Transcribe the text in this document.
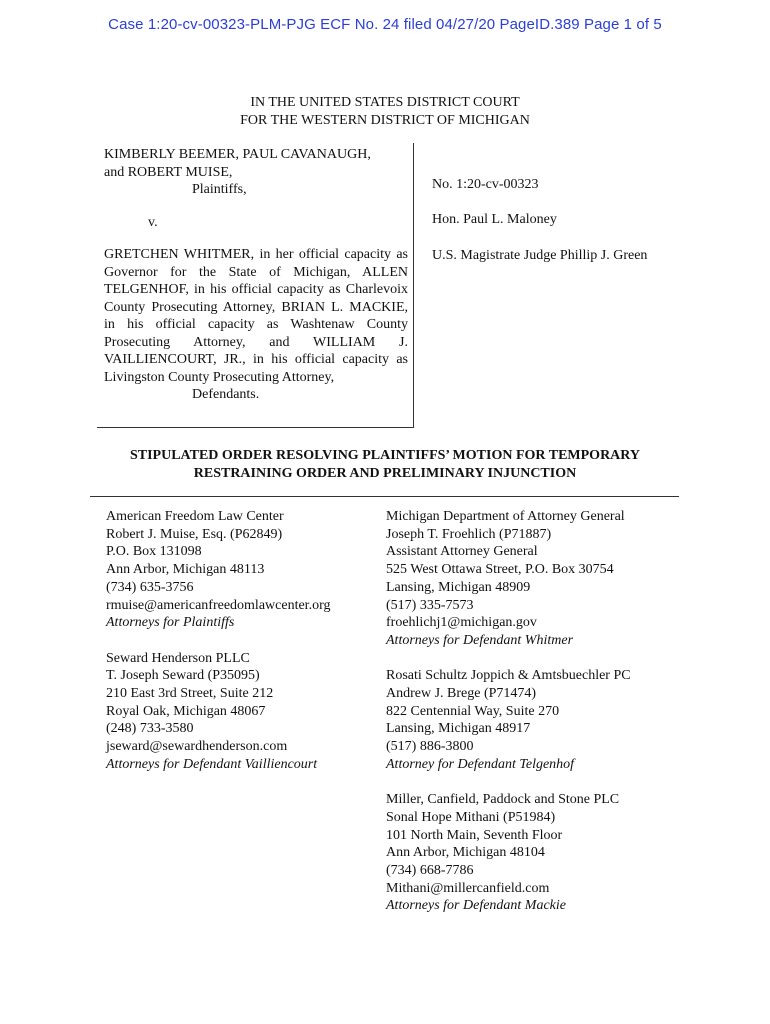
Case 1:20-cv-00323-PLM-PJG ECF No. 24 filed 04/27/20 PageID.389 Page 1 of 5
IN THE UNITED STATES DISTRICT COURT
FOR THE WESTERN DISTRICT OF MICHIGAN
KIMBERLY BEEMER, PAUL CAVANAUGH,
and ROBERT MUISE,
Plaintiffs,
v.
GRETCHEN WHITMER, in her official capacity as Governor for the State of Michigan, ALLEN TELGENHOF, in his official capacity as Charlevoix County Prosecuting Attorney, BRIAN L. MACKIE, in his official capacity as Washtenaw County Prosecuting Attorney, and WILLIAM J. VAILLIENCOURT, JR., in his official capacity as Livingston County Prosecuting Attorney,
Defendants.
No. 1:20-cv-00323
Hon. Paul L. Maloney
U.S. Magistrate Judge Phillip J. Green
STIPULATED ORDER RESOLVING PLAINTIFFS’ MOTION FOR TEMPORARY
RESTRAINING ORDER AND PRELIMINARY INJUNCTION
American Freedom Law Center
Robert J. Muise, Esq. (P62849)
P.O. Box 131098
Ann Arbor, Michigan 48113
(734) 635-3756
rmuise@americanfreedomlawcenter.org
Attorneys for Plaintiffs
Seward Henderson PLLC
T. Joseph Seward (P35095)
210 East 3rd Street, Suite 212
Royal Oak, Michigan 48067
(248) 733-3580
jseward@sewardhenderson.com
Attorneys for Defendant Vailliencourt
Michigan Department of Attorney General
Joseph T. Froehlich (P71887)
Assistant Attorney General
525 West Ottawa Street, P.O. Box 30754
Lansing, Michigan 48909
(517) 335-7573
froehlichj1@michigan.gov
Attorneys for Defendant Whitmer
Rosati Schultz Joppich & Amtsbuechler PC
Andrew J. Brege (P71474)
822 Centennial Way, Suite 270
Lansing, Michigan 48917
(517) 886-3800
Attorney for Defendant Telgenhof
Miller, Canfield, Paddock and Stone PLC
Sonal Hope Mithani (P51984)
101 North Main, Seventh Floor
Ann Arbor, Michigan 48104
(734) 668-7786
Mithani@millercanfield.com
Attorneys for Defendant Mackie
